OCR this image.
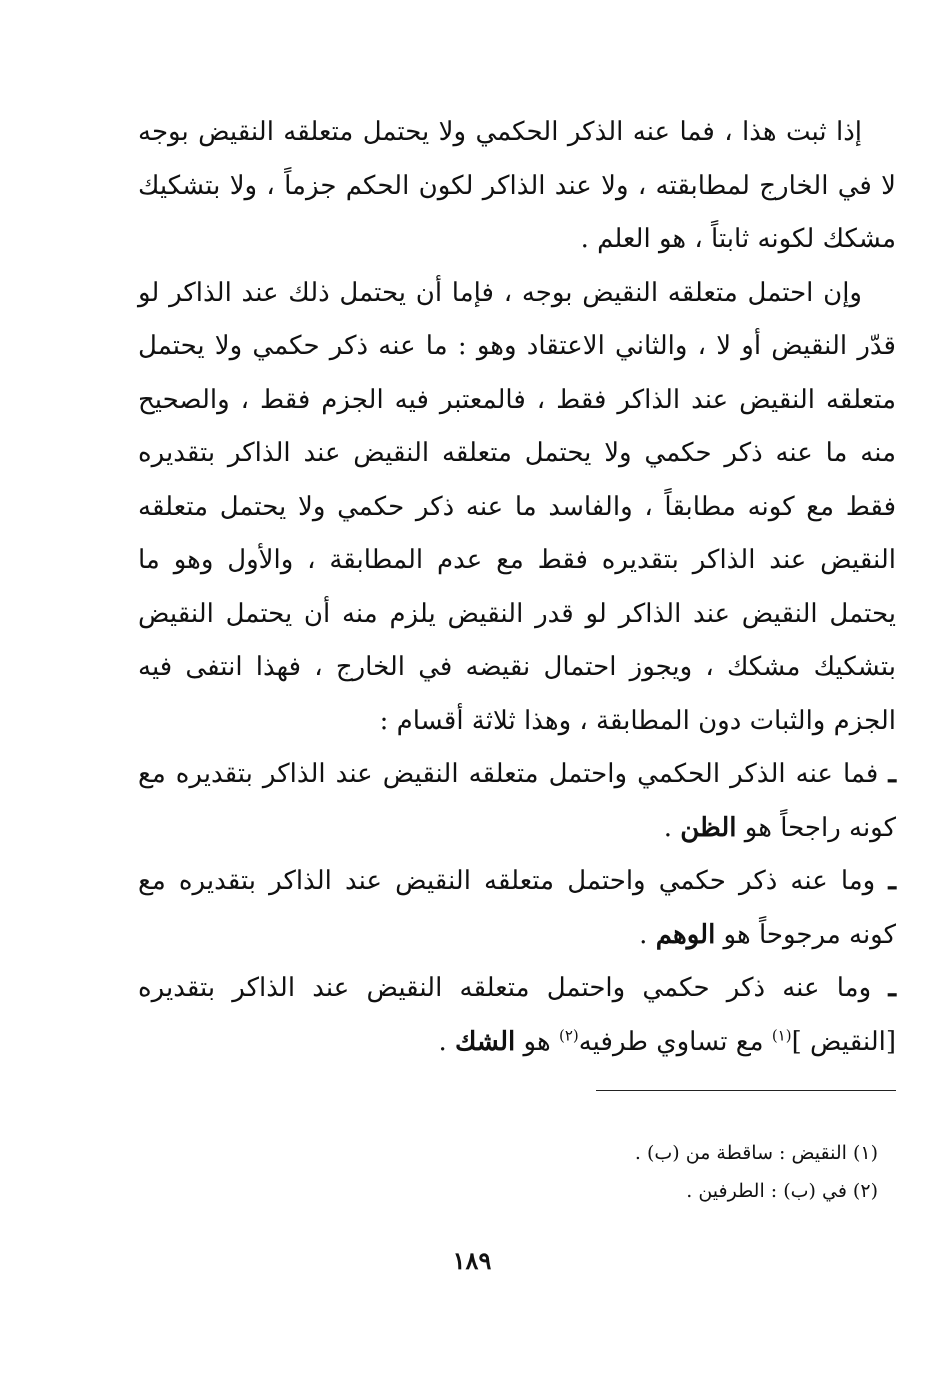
إذا ثبت هذا ، فما عنه الذكر الحكمي ولا يحتمل متعلقه النقيض بوجه لا في الخارج لمطابقته ، ولا عند الذاكر لكون الحكم جزماً ، ولا بتشكيك مشكك لكونه ثابتاً ، هو العلم .

وإن احتمل متعلقه النقيض بوجه ، فإما أن يحتمل ذلك عند الذاكر لو قدّر النقيض أو لا ، والثاني الاعتقاد وهو : ما عنه ذكر حكمي ولا يحتمل متعلقه النقيض عند الذاكر فقط ، فالمعتبر فيه الجزم فقط ، والصحيح منه ما عنه ذكر حكمي ولا يحتمل متعلقه النقيض عند الذاكر بتقديره فقط مع كونه مطابقاً ، والفاسد ما عنه ذكر حكمي ولا يحتمل متعلقه النقيض عند الذاكر بتقديره فقط مع عدم المطابقة ، والأول وهو ما يحتمل النقيض عند الذاكر لو قدر النقيض يلزم منه أن يحتمل النقيض بتشكيك مشكك ، ويجوز احتمال نقيضه في الخارج ، فهذا انتفى فيه الجزم والثبات دون المطابقة ، وهذا ثلاثة أقسام :

ـ فما عنه الذكر الحكمي واحتمل متعلقه النقيض عند الذاكر بتقديره مع كونه راجحاً هو الظن .

ـ وما عنه ذكر حكمي واحتمل متعلقه النقيض عند الذاكر بتقديره مع كونه مرجوحاً هو الوهم .

ـ وما عنه ذكر حكمي واحتمل متعلقه النقيض عند الذاكر بتقديره [النقيض ]$^{(١)}$ مع تساوي طرفيه$^{(٢)}$ هو الشك .

(١) النقيض : ساقطة من (ب) .

(٢) في (ب) : الطرفين .

١٨٩
